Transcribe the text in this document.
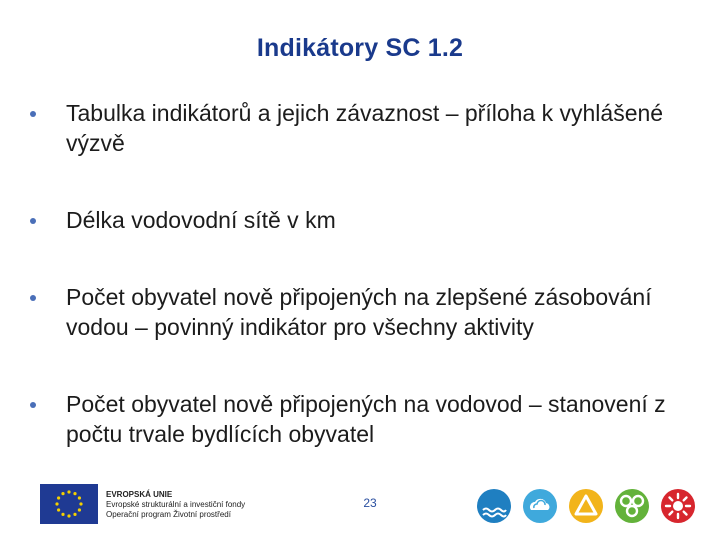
Indikátory SC 1.2
Tabulka indikátorů a jejich závaznost – příloha k vyhlášené výzvě
Délka vodovodní sítě v km
Počet obyvatel nově připojených na zlepšené zásobování vodou – povinný indikátor pro všechny aktivity
Počet obyvatel nově připojených na vodovod – stanovení z počtu trvale bydlících obyvatel
EVROPSKÁ UNIE
Evropské strukturální a investiční fondy
Operační program Životní prostředí
23
